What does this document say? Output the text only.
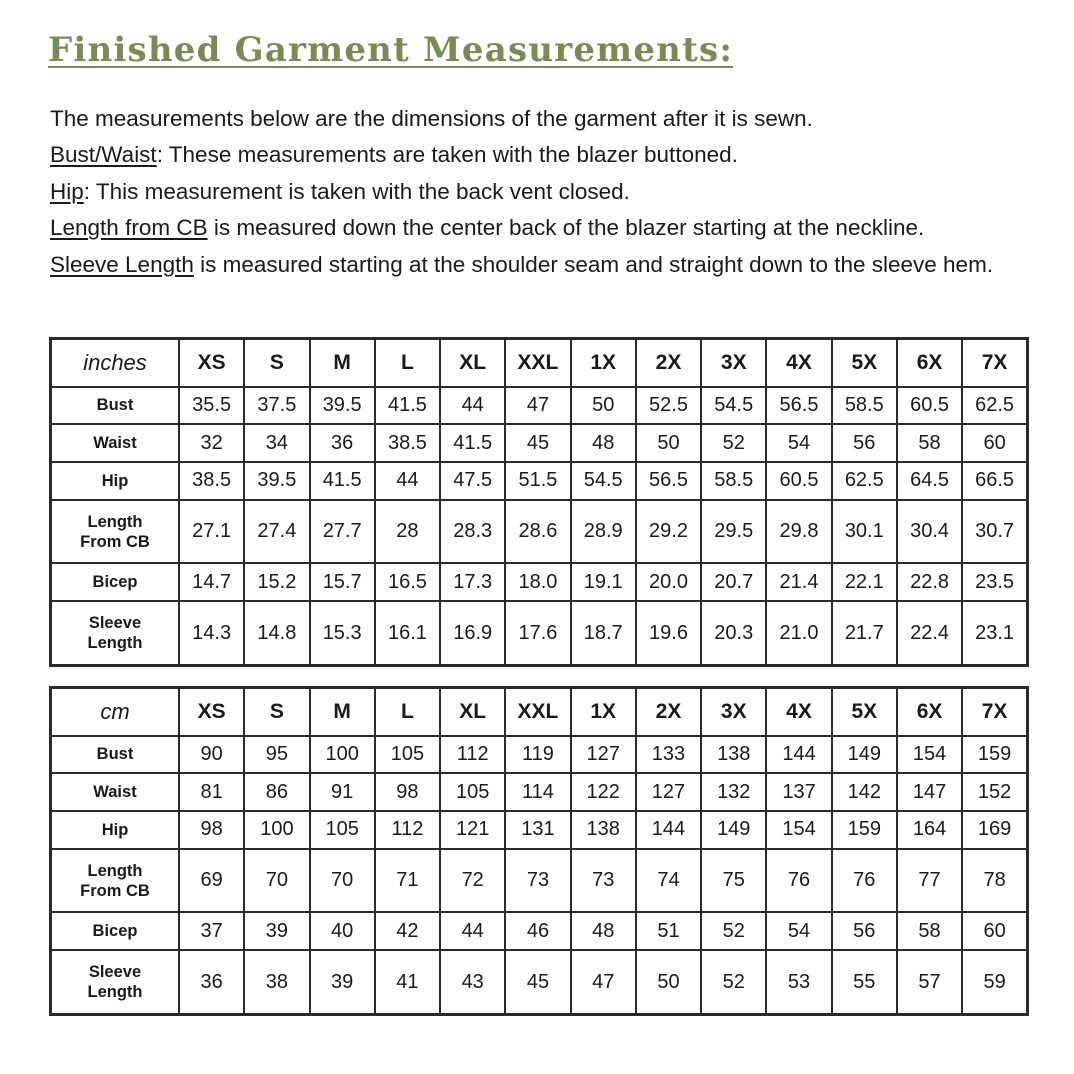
Finished Garment Measurements:

The measurements below are the dimensions of the garment after it is sewn.

Bust/Waist: These measurements are taken with the blazer buttoned.

Hip: This measurement is taken with the back vent closed.

Length from CB is measured down the center back of the blazer starting at the neckline.

Sleeve Length is measured starting at the shoulder seam and straight down to the sleeve hem.

inches	XS	S	M	L	XL	XXL	1X	2X	3X	4X	5X	6X	7X
Bust	35.5	37.5	39.5	41.5	44	47	50	52.5	54.5	56.5	58.5	60.5	62.5
Waist	32	34	36	38.5	41.5	45	48	50	52	54	56	58	60
Hip	38.5	39.5	41.5	44	47.5	51.5	54.5	56.5	58.5	60.5	62.5	64.5	66.5
Length
From CB	27.1	27.4	27.7	28	28.3	28.6	28.9	29.2	29.5	29.8	30.1	30.4	30.7
Bicep	14.7	15.2	15.7	16.5	17.3	18.0	19.1	20.0	20.7	21.4	22.1	22.8	23.5
Sleeve
Length	14.3	14.8	15.3	16.1	16.9	17.6	18.7	19.6	20.3	21.0	21.7	22.4	23.1
cm	XS	S	M	L	XL	XXL	1X	2X	3X	4X	5X	6X	7X
Bust	90	95	100	105	112	119	127	133	138	144	149	154	159
Waist	81	86	91	98	105	114	122	127	132	137	142	147	152
Hip	98	100	105	112	121	131	138	144	149	154	159	164	169
Length
From CB	69	70	70	71	72	73	73	74	75	76	76	77	78
Bicep	37	39	40	42	44	46	48	51	52	54	56	58	60
Sleeve
Length	36	38	39	41	43	45	47	50	52	53	55	57	59
